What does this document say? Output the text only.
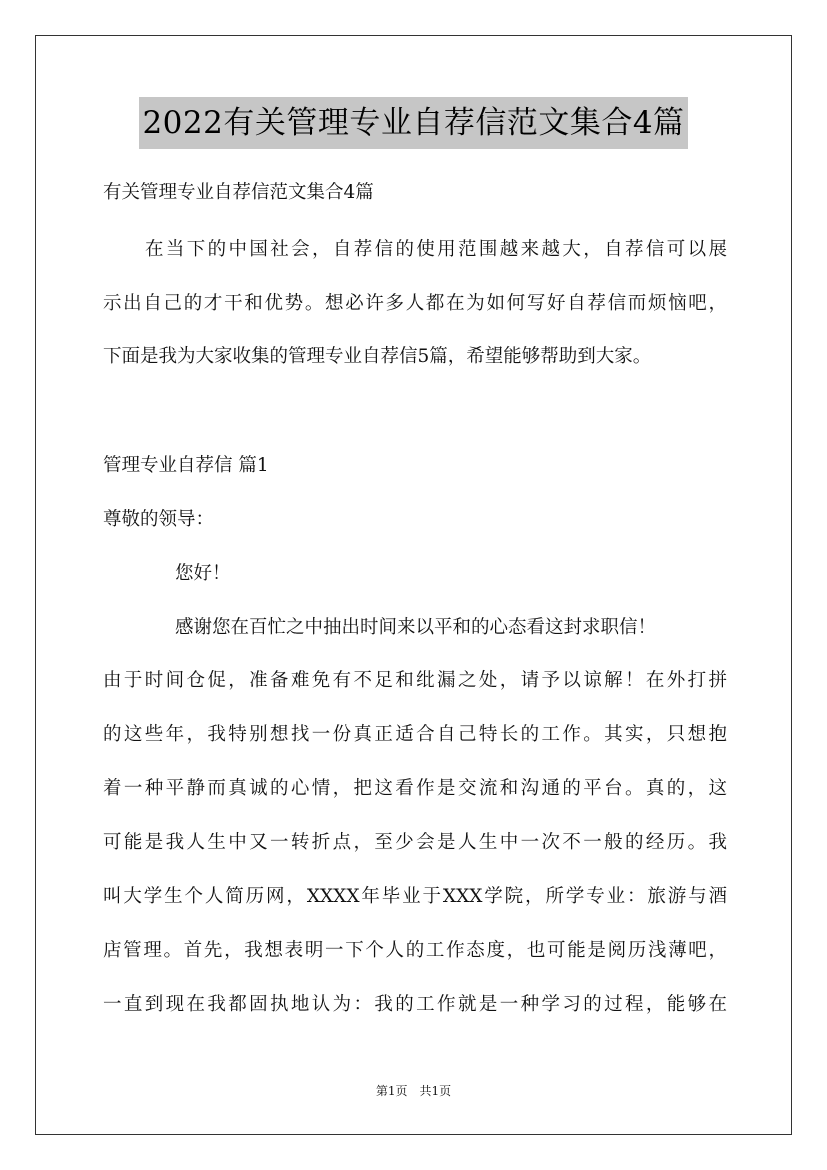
2022有关管理专业自荐信范文集合4篇
有关管理专业自荐信范文集合4篇
在当下的中国社会，自荐信的使用范围越来越大，自荐信可以展
示出自己的才干和优势。想必许多人都在为如何写好自荐信而烦恼吧，
下面是我为大家收集的管理专业自荐信5篇，希望能够帮助到大家。
管理专业自荐信 篇1
尊敬的领导：
您好！
感谢您在百忙之中抽出时间来以平和的心态看这封求职信！
由于时间仓促，准备难免有不足和纰漏之处，请予以谅解！在外打拼
的这些年，我特别想找一份真正适合自己特长的工作。其实，只想抱
着一种平静而真诚的心情，把这看作是交流和沟通的平台。真的，这
可能是我人生中又一转折点，至少会是人生中一次不一般的经历。我
叫大学生个人简历网，XXXX年毕业于XXX学院，所学专业：旅游与酒
店管理。首先，我想表明一下个人的工作态度，也可能是阅历浅薄吧，
一直到现在我都固执地认为：我的工作就是一种学习的过程，能够在
第1页　共1页
